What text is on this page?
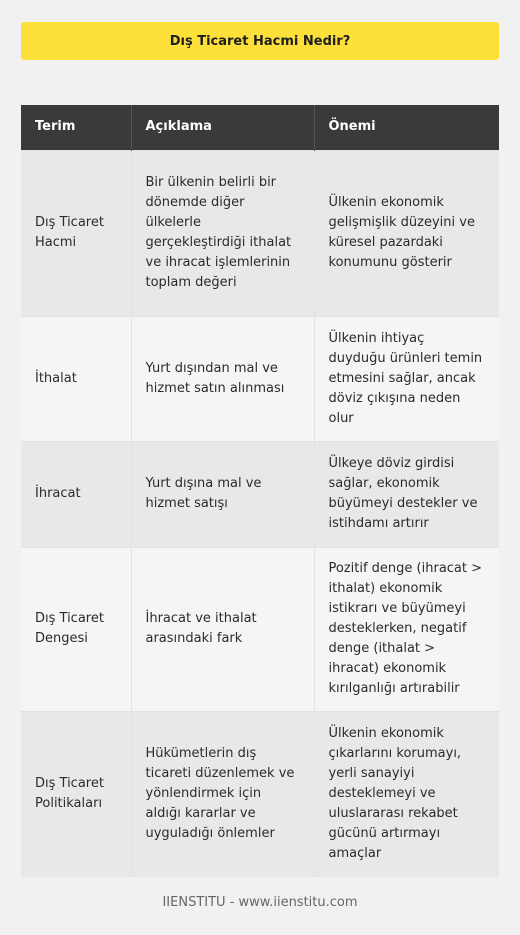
Dış Ticaret Hacmi Nedir?
Terim	Açıklama	Önemi
Dış Ticaret Hacmi	Bir ülkenin belirli bir dönemde diğer ülkelerle gerçekleştirdiği ithalat ve ihracat işlemlerinin toplam değeri	Ülkenin ekonomik gelişmişlik düzeyini ve küresel pazardaki konumunu gösterir
İthalat	Yurt dışından mal ve hizmet satın alınması	Ülkenin ihtiyaç duyduğu ürünleri temin etmesini sağlar, ancak döviz çıkışına neden olur
İhracat	Yurt dışına mal ve hizmet satışı	Ülkeye döviz girdisi sağlar, ekonomik büyümeyi destekler ve istihdamı artırır
Dış Ticaret Dengesi	İhracat ve ithalat arasındaki fark	Pozitif denge (ihracat > ithalat) ekonomik istikrarı ve büyümeyi desteklerken, negatif denge (ithalat > ihracat) ekonomik kırılganlığı artırabilir
Dış Ticaret Politikaları	Hükümetlerin dış ticareti düzenlemek ve yönlendirmek için aldığı kararlar ve uyguladığı önlemler	Ülkenin ekonomik çıkarlarını korumayı, yerli sanayiyi desteklemeyi ve uluslararası rekabet gücünü artırmayı amaçlar
IIENSTITU - www.iienstitu.com
